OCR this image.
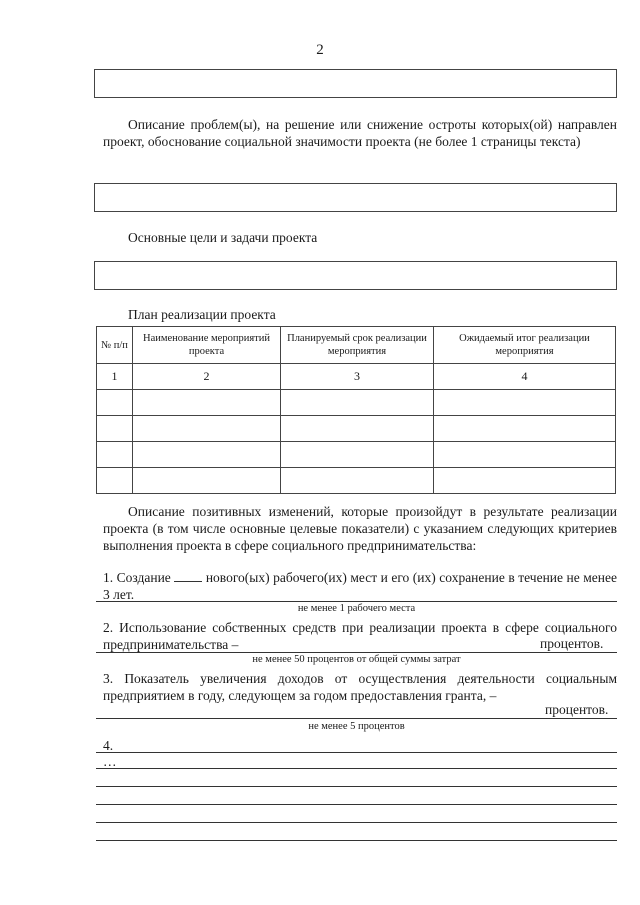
2
Описание проблем(ы), на решение или снижение остроты которых(ой) направлен проект, обоснование социальной значимости проекта (не более 1 страницы текста)
Основные цели и задачи проекта
План реализации проекта
№ п/п	Наименование мероприятий проекта	Планируемый срок реализации мероприятия	Ожидаемый итог реализации мероприятия
1	2	3	4

Описание позитивных изменений, которые произойдут в результате реализации проекта (в том числе основные целевые показатели) с указанием следующих критериев выполнения проекта в сфере социального предпринимательства:
1. Создание	нового(ых) рабочего(их) мест и его (их) сохранение в течение не менее 3 лет.
не менее 1 рабочего места
2. Использование собственных средств при реализации проекта в сфере социального предпринимательства –	процентов.
не менее 50 процентов от общей суммы затрат
3. Показатель увеличения доходов от осуществления деятельности социальным предприятием в году, следующем за годом предоставления гранта, –
процентов.
не менее 5 процентов
4.
…
